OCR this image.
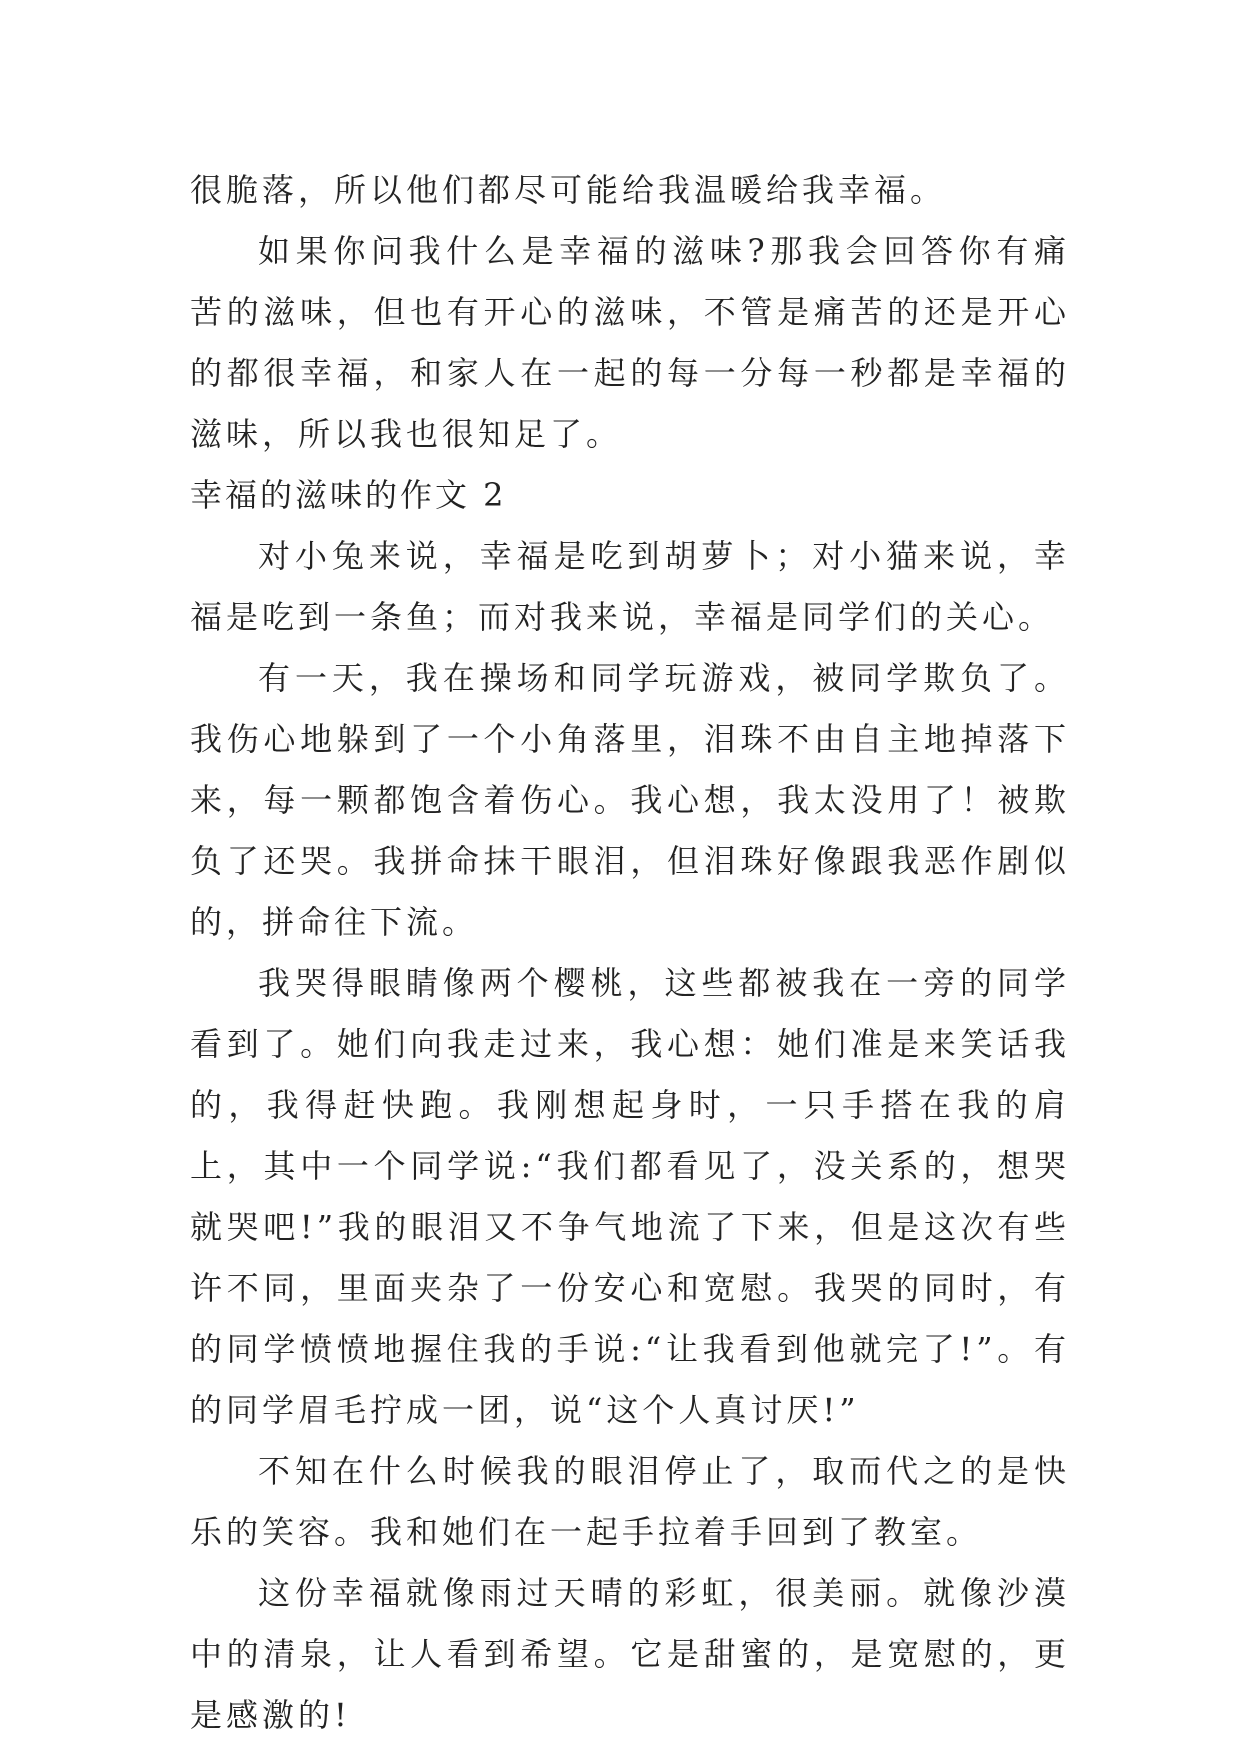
很脆落，所以他们都尽可能给我温暖给我幸福。

如果你问我什么是幸福的滋味?那我会回答你有痛苦的滋味，但也有开心的滋味，不管是痛苦的还是开心的都很幸福，和家人在一起的每一分每一秒都是幸福的滋味，所以我也很知足了。

幸福的滋味的作文 2

对小兔来说，幸福是吃到胡萝卜；对小猫来说，幸福是吃到一条鱼；而对我来说，幸福是同学们的关心。

有一天，我在操场和同学玩游戏，被同学欺负了。我伤心地躲到了一个小角落里，泪珠不由自主地掉落下来，每一颗都饱含着伤心。我心想，我太没用了！被欺负了还哭。我拼命抹干眼泪，但泪珠好像跟我恶作剧似的，拼命往下流。

我哭得眼睛像两个樱桃，这些都被我在一旁的同学看到了。她们向我走过来，我心想：她们准是来笑话我的，我得赶快跑。我刚想起身时，一只手搭在我的肩上，其中一个同学说:“我们都看见了，没关系的，想哭就哭吧!”我的眼泪又不争气地流了下来，但是这次有些许不同，里面夹杂了一份安心和宽慰。我哭的同时，有的同学愤愤地握住我的手说:“让我看到他就完了!”。有的同学眉毛拧成一团，说“这个人真讨厌!”

不知在什么时候我的眼泪停止了，取而代之的是快乐的笑容。我和她们在一起手拉着手回到了教室。

这份幸福就像雨过天晴的彩虹，很美丽。就像沙漠中的清泉，让人看到希望。它是甜蜜的，是宽慰的，更是感激的!
